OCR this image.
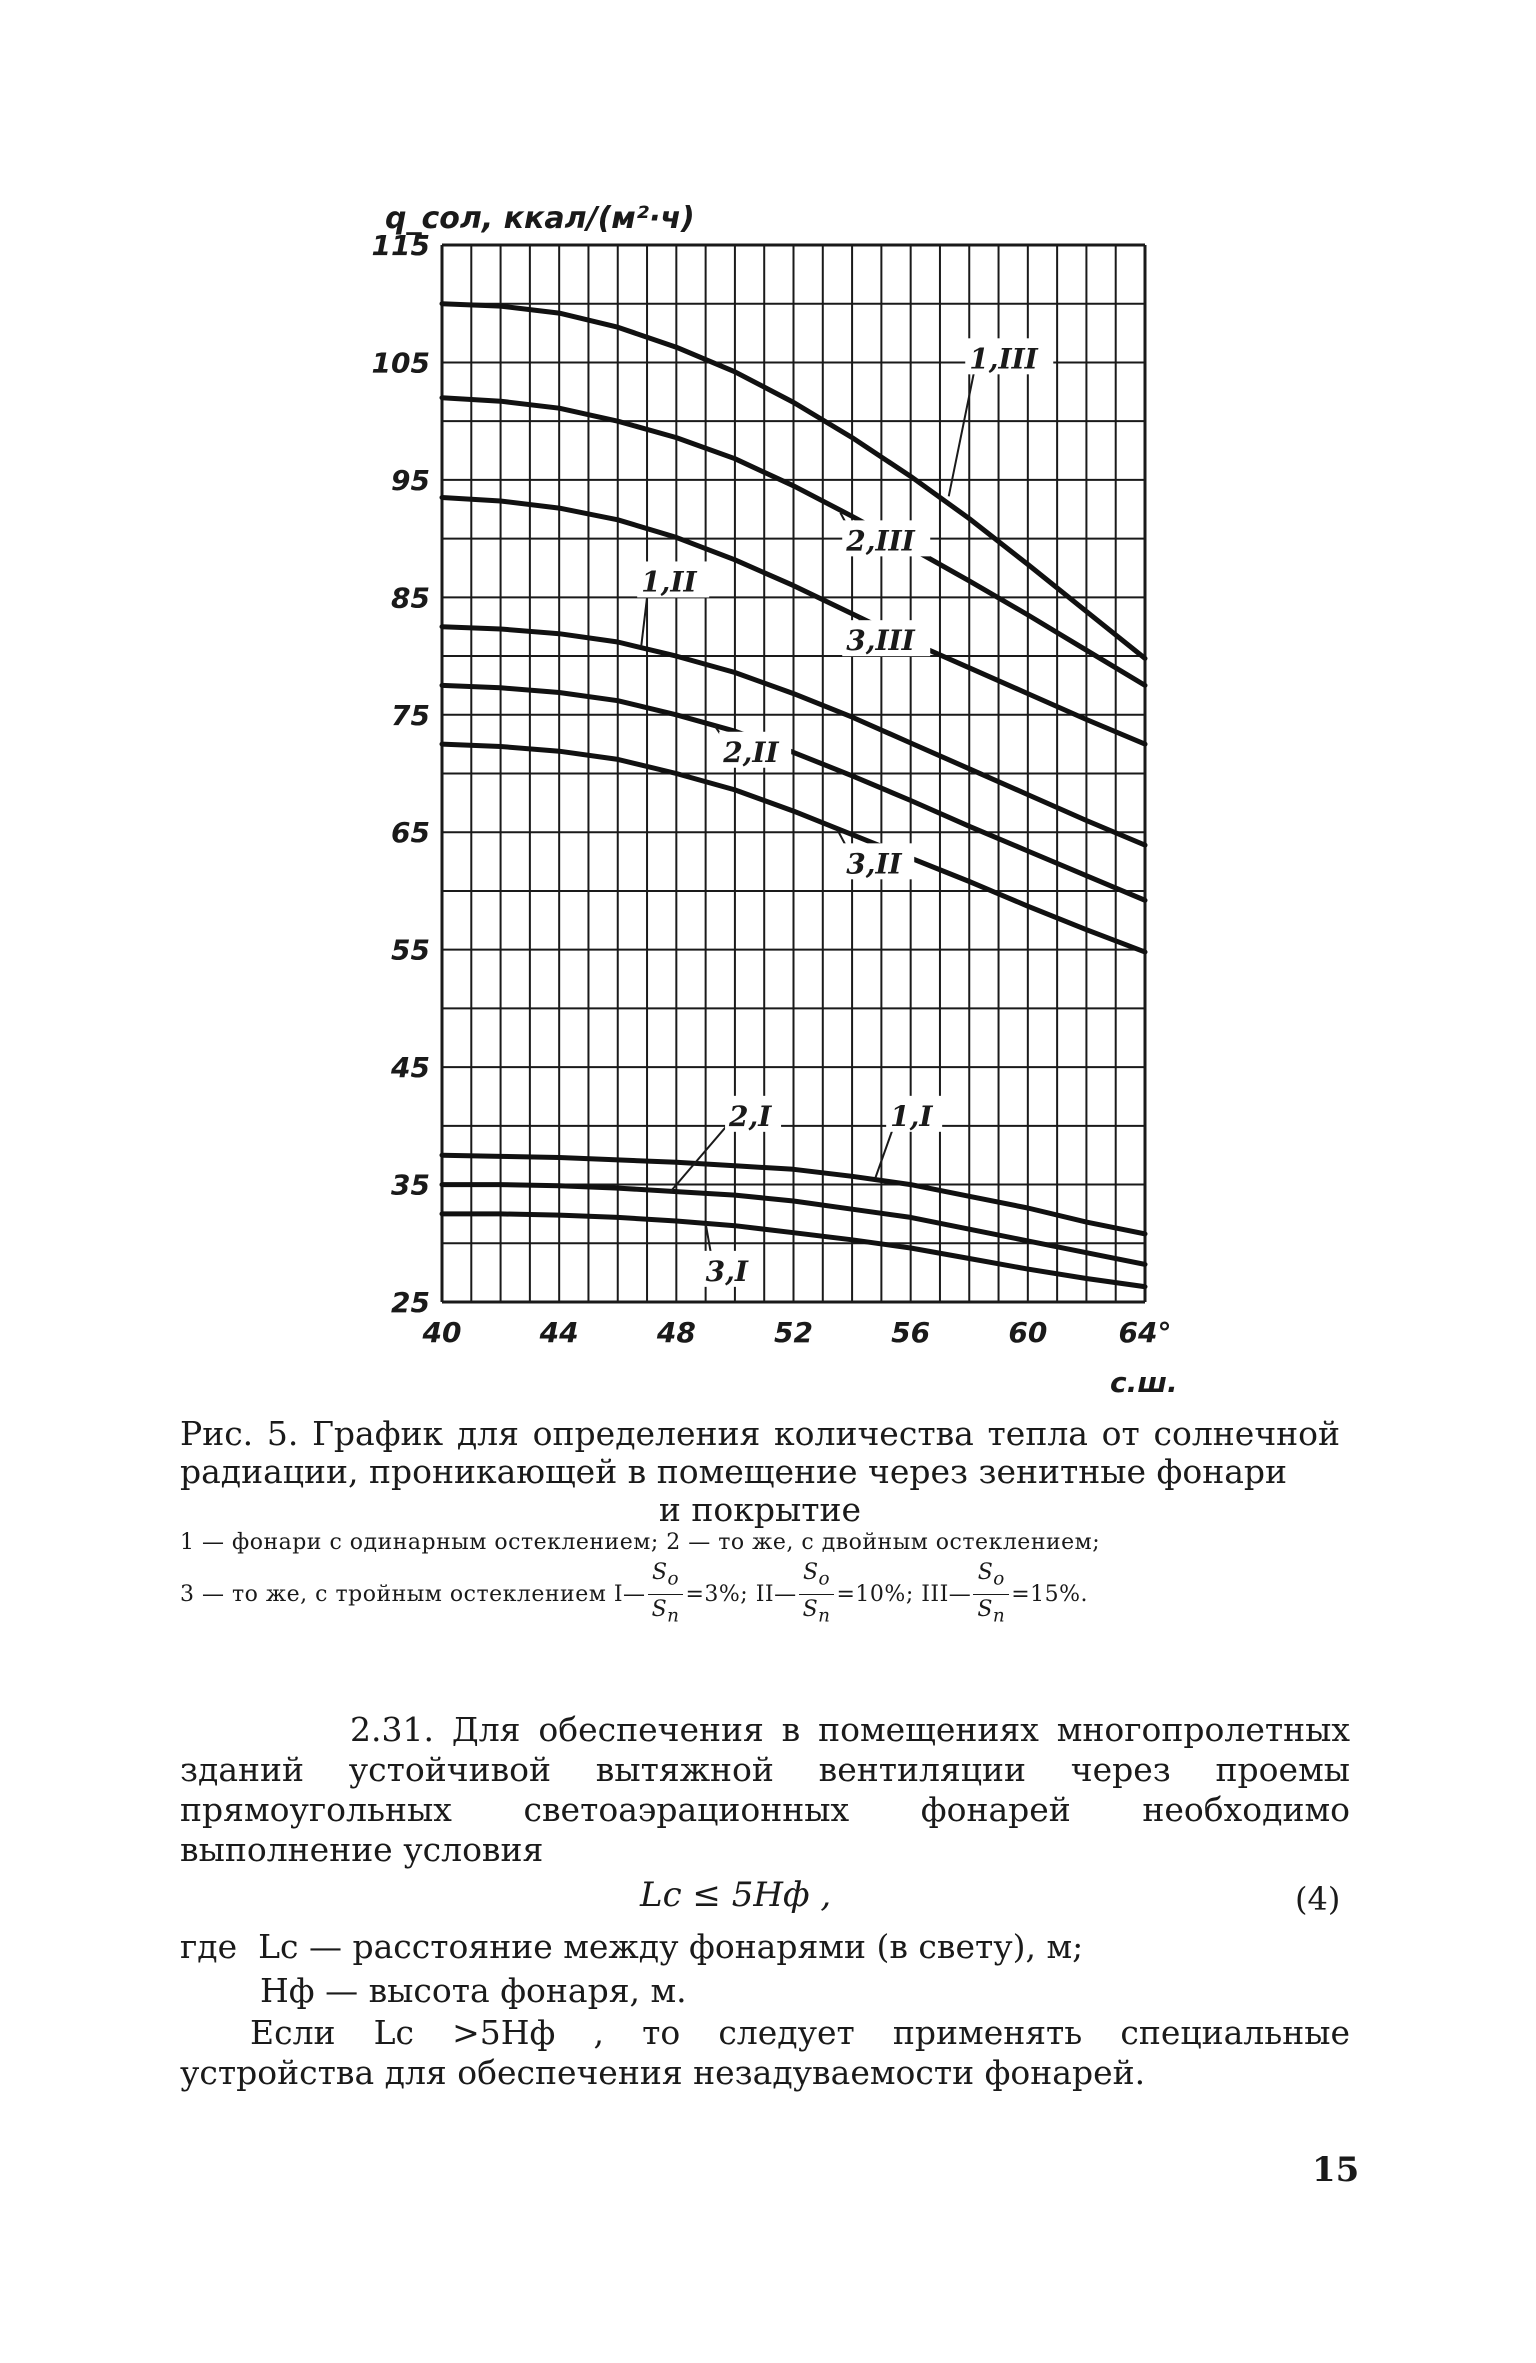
115
105
95
85
75
65
55
45
35
25
40	44	48	52	56	60	64°
q_сол, ккал/(м²·ч)
с.ш.
1,III
2,III
3,III
1,II
2,II
3,II
1,I
2,I
3,I
Рис. 5. График для определения количества тепла от солнечной радиации, проникающей в помещение через зенитные фонари
и покрытие
1 — фонари с одинарным остеклением; 2 — то же, с двойным остеклением;
3 — то же, с тройным остеклением I— $\frac{S_о}{S_п} =3\%$; II— $\frac{S_о}{S_п} =10\%$; III— $\frac{S_о}{S_п} =15\%$.
2.31. Для обеспечения в помещениях многопролетных зданий устойчивой вытяжной вентиляции через проемы прямоугольных светоаэрационных фонарей необходимо выполнение условия
Lс ≤ 5Hф ,	(4)
где Lс — расстояние между фонарями (в свету), м;
Hф — высота фонаря, м.
Если Lс >5Hф , то следует применять специальные устройства для обеспечения незадуваемости фонарей.
15
